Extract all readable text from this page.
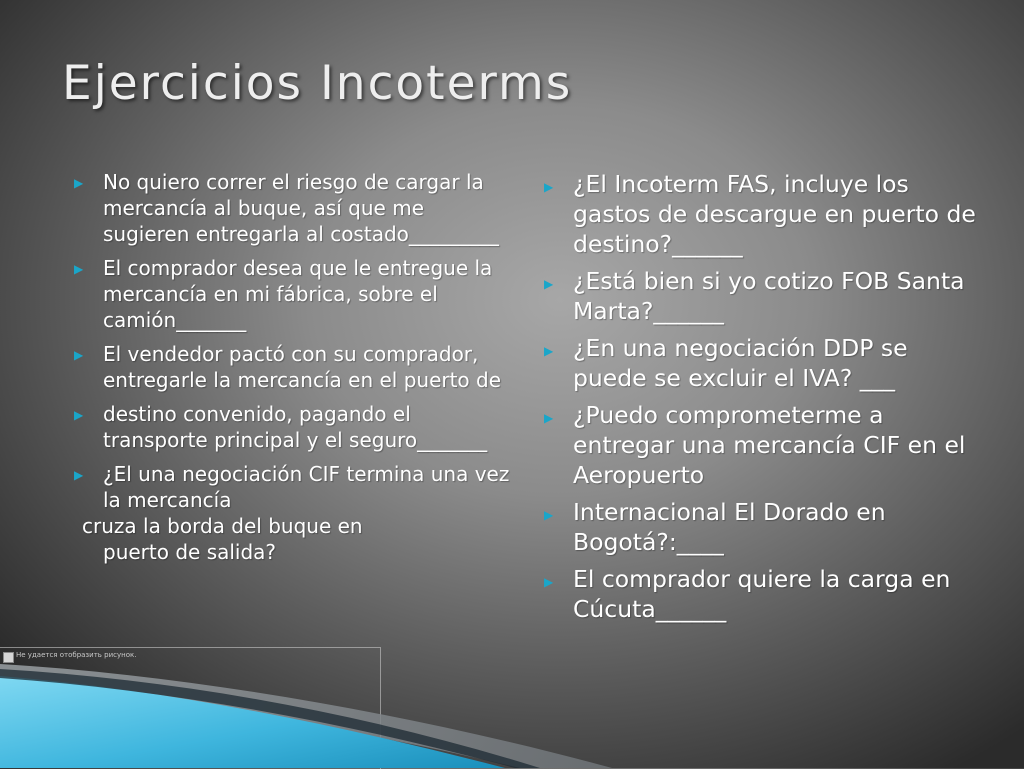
Ejercicios Incoterms
▶ No quiero correr el riesgo de cargar la mercancía al buque, así que me sugieren entregarla al costado_________
▶ El comprador desea que le entregue la mercancía en mi fábrica, sobre el camión_______
▶ El vendedor pactó con su comprador, entregarle la mercancía en el puerto de
▶ destino convenido, pagando el transporte principal y el seguro_______
▶ ¿El una negociación CIF termina una vez la mercancía
cruza la borda del buque en
puerto de salida?
▶ ¿El Incoterm FAS, incluye los gastos de descargue en puerto de destino?______
▶ ¿Está bien si yo cotizo FOB Santa Marta?______
▶ ¿En una negociación DDP se puede se excluir el IVA? ___
▶ ¿Puedo comprometerme a entregar una mercancía CIF en el Aeropuerto
▶ Internacional El Dorado en Bogotá?:____
▶ El comprador quiere la carga en Cúcuta______
Не удается отобразить рисунок.
